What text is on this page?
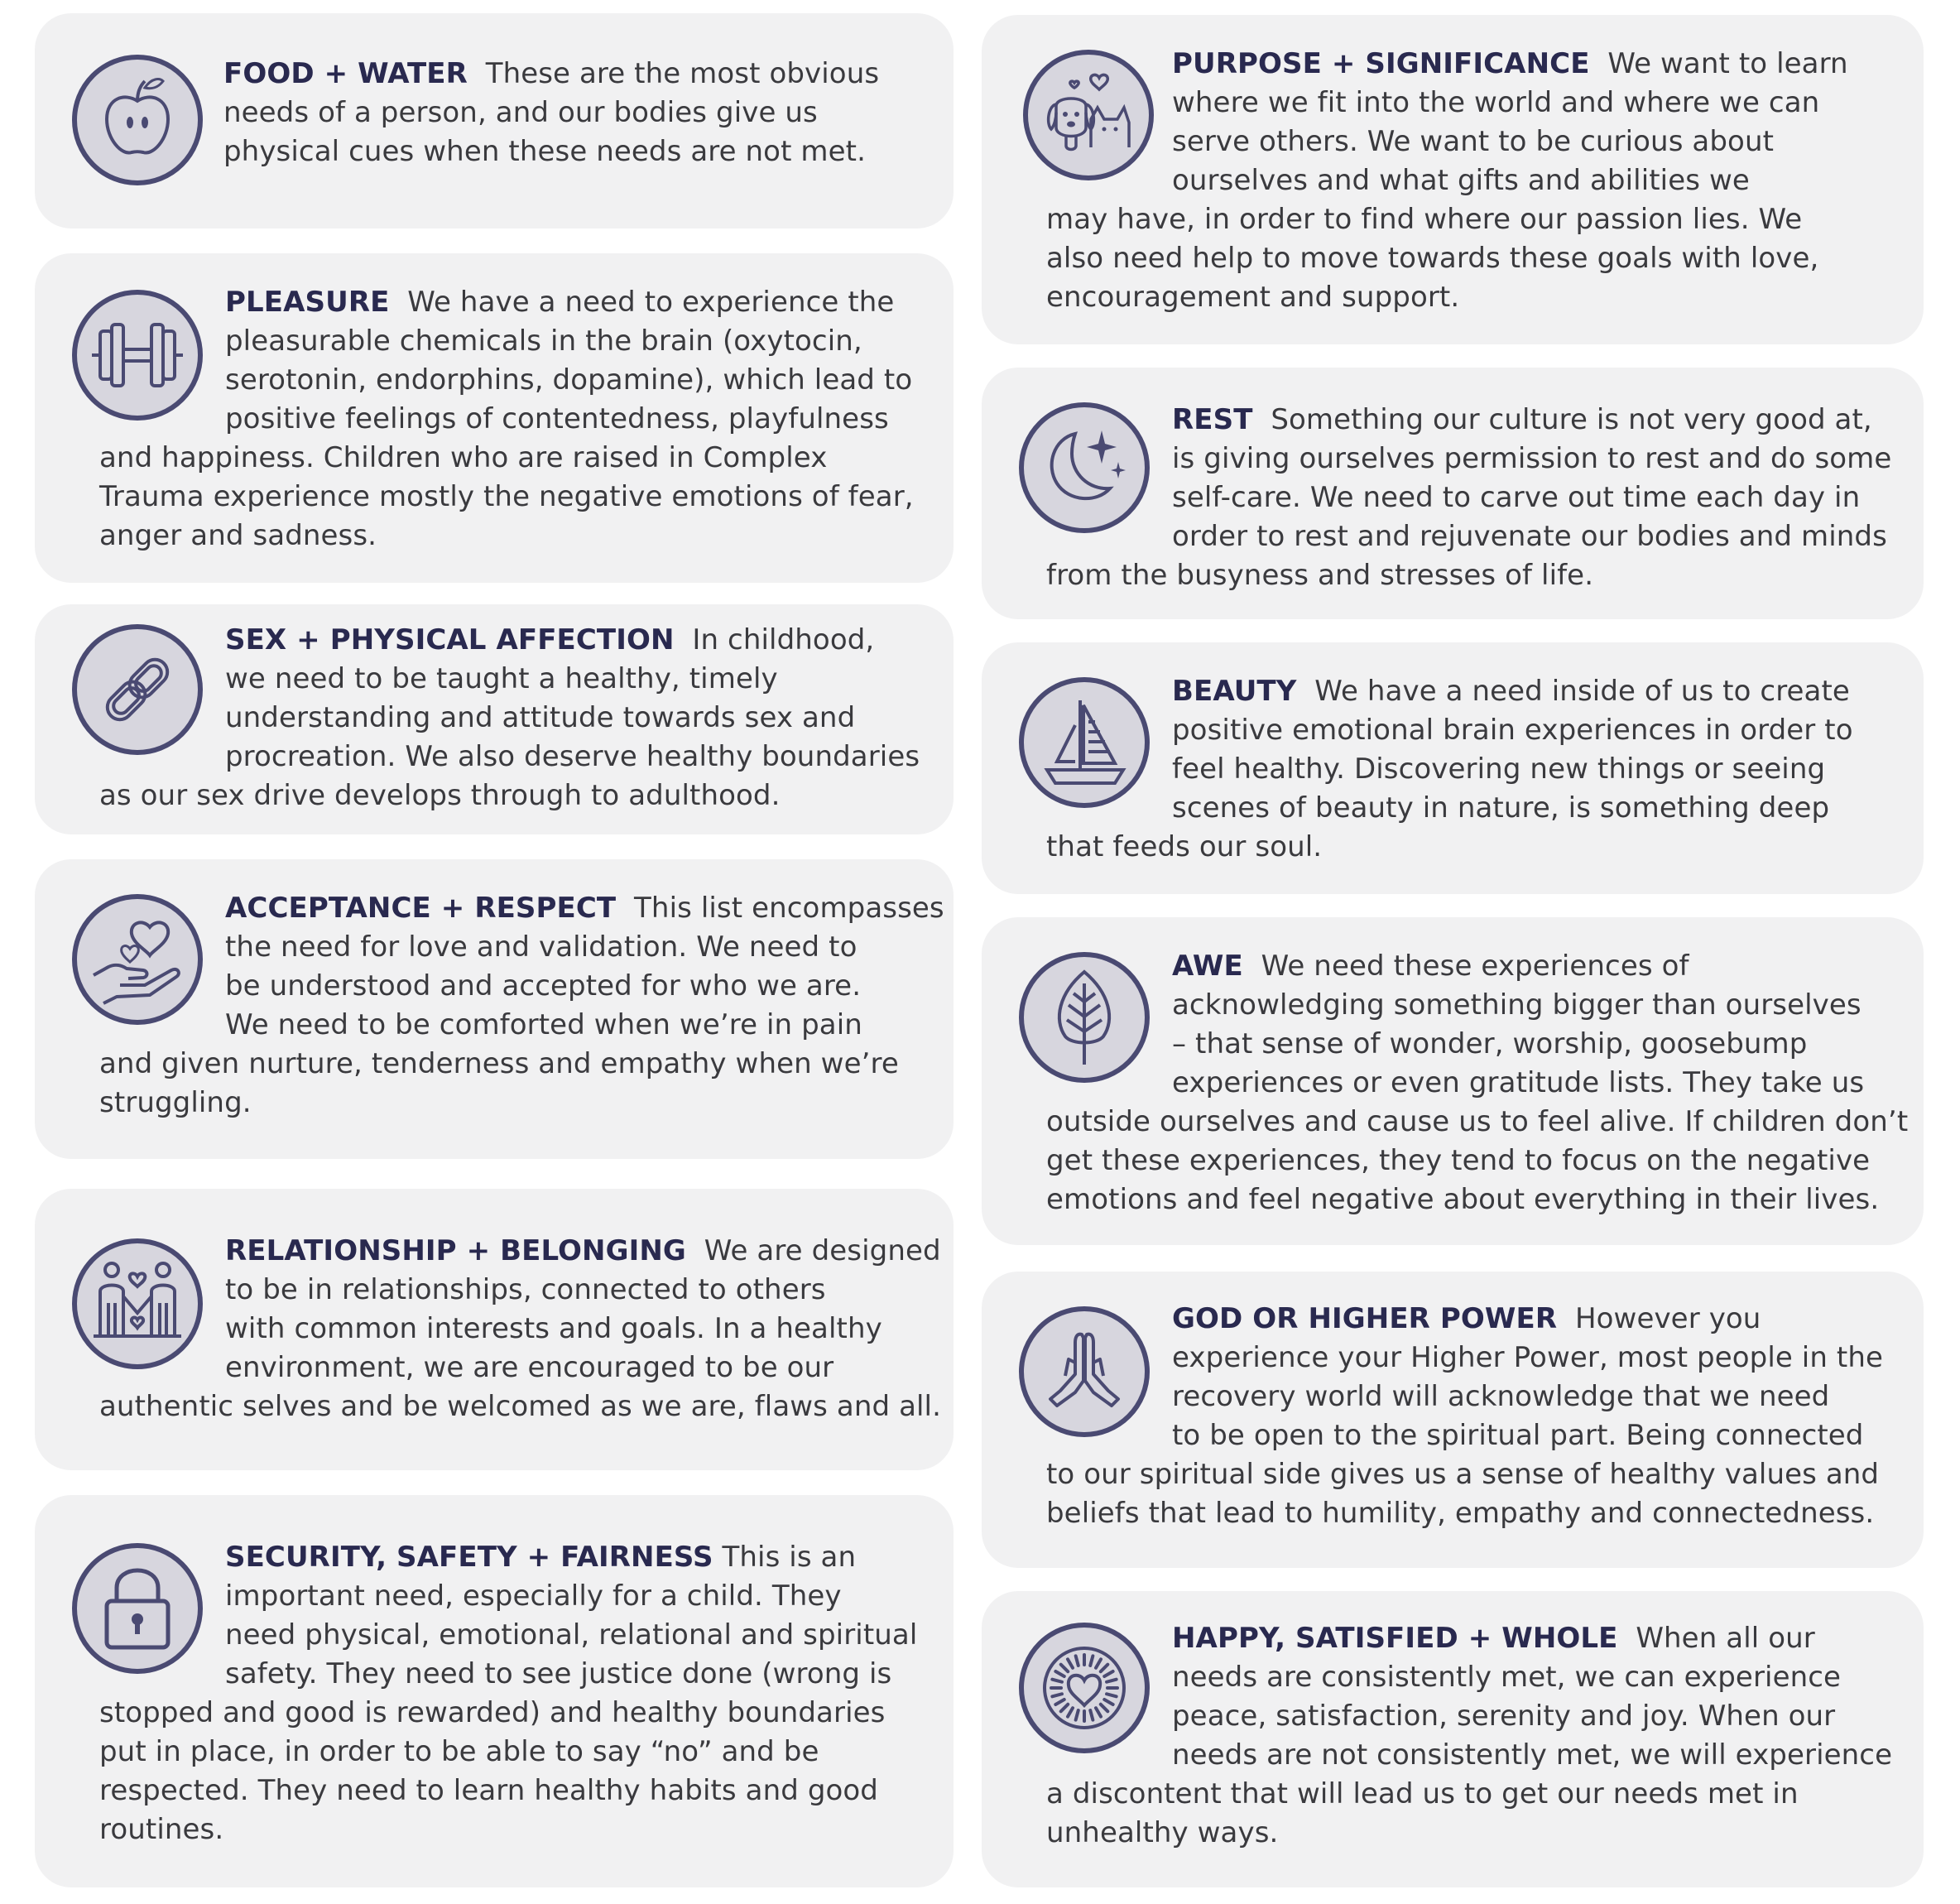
FOOD + WATER These are the most obvious
needs of a person, and our bodies give us
physical cues when these needs are not met.

PLEASURE We have a need to experience the
pleasurable chemicals in the brain (oxytocin,
serotonin, endorphins, dopamine), which lead to
positive feelings of contentedness, playfulness
and happiness. Children who are raised in Complex
Trauma experience mostly the negative emotions of fear,
anger and sadness.

SEX + PHYSICAL AFFECTION In childhood,
we need to be taught a healthy, timely
understanding and attitude towards sex and
procreation. We also deserve healthy boundaries
as our sex drive develops through to adulthood.

ACCEPTANCE + RESPECT This list encompasses
the need for love and validation. We need to
be understood and accepted for who we are.
We need to be comforted when we’re in pain
and given nurture, tenderness and empathy when we’re
struggling.

RELATIONSHIP + BELONGING We are designed
to be in relationships, connected to others
with common interests and goals. In a healthy
environment, we are encouraged to be our
authentic selves and be welcomed as we are, flaws and all.

SECURITY, SAFETY + FAIRNESS This is an
important need, especially for a child. They
need physical, emotional, relational and spiritual
safety. They need to see justice done (wrong is
stopped and good is rewarded) and healthy boundaries
put in place, in order to be able to say “no” and be
respected. They need to learn healthy habits and good
routines.

PURPOSE + SIGNIFICANCE We want to learn
where we fit into the world and where we can
serve others. We want to be curious about
ourselves and what gifts and abilities we
may have, in order to find where our passion lies. We
also need help to move towards these goals with love,
encouragement and support.

REST Something our culture is not very good at,
is giving ourselves permission to rest and do some
self-care. We need to carve out time each day in
order to rest and rejuvenate our bodies and minds
from the busyness and stresses of life.

BEAUTY We have a need inside of us to create
positive emotional brain experiences in order to
feel healthy. Discovering new things or seeing
scenes of beauty in nature, is something deep
that feeds our soul.

AWE We need these experiences of
acknowledging something bigger than ourselves
– that sense of wonder, worship, goosebump
experiences or even gratitude lists. They take us
outside ourselves and cause us to feel alive. If children don’t
get these experiences, they tend to focus on the negative
emotions and feel negative about everything in their lives.

GOD OR HIGHER POWER However you
experience your Higher Power, most people in the
recovery world will acknowledge that we need
to be open to the spiritual part. Being connected
to our spiritual side gives us a sense of healthy values and
beliefs that lead to humility, empathy and connectedness.

HAPPY, SATISFIED + WHOLE When all our
needs are consistently met, we can experience
peace, satisfaction, serenity and joy. When our
needs are not consistently met, we will experience
a discontent that will lead us to get our needs met in
unhealthy ways.
